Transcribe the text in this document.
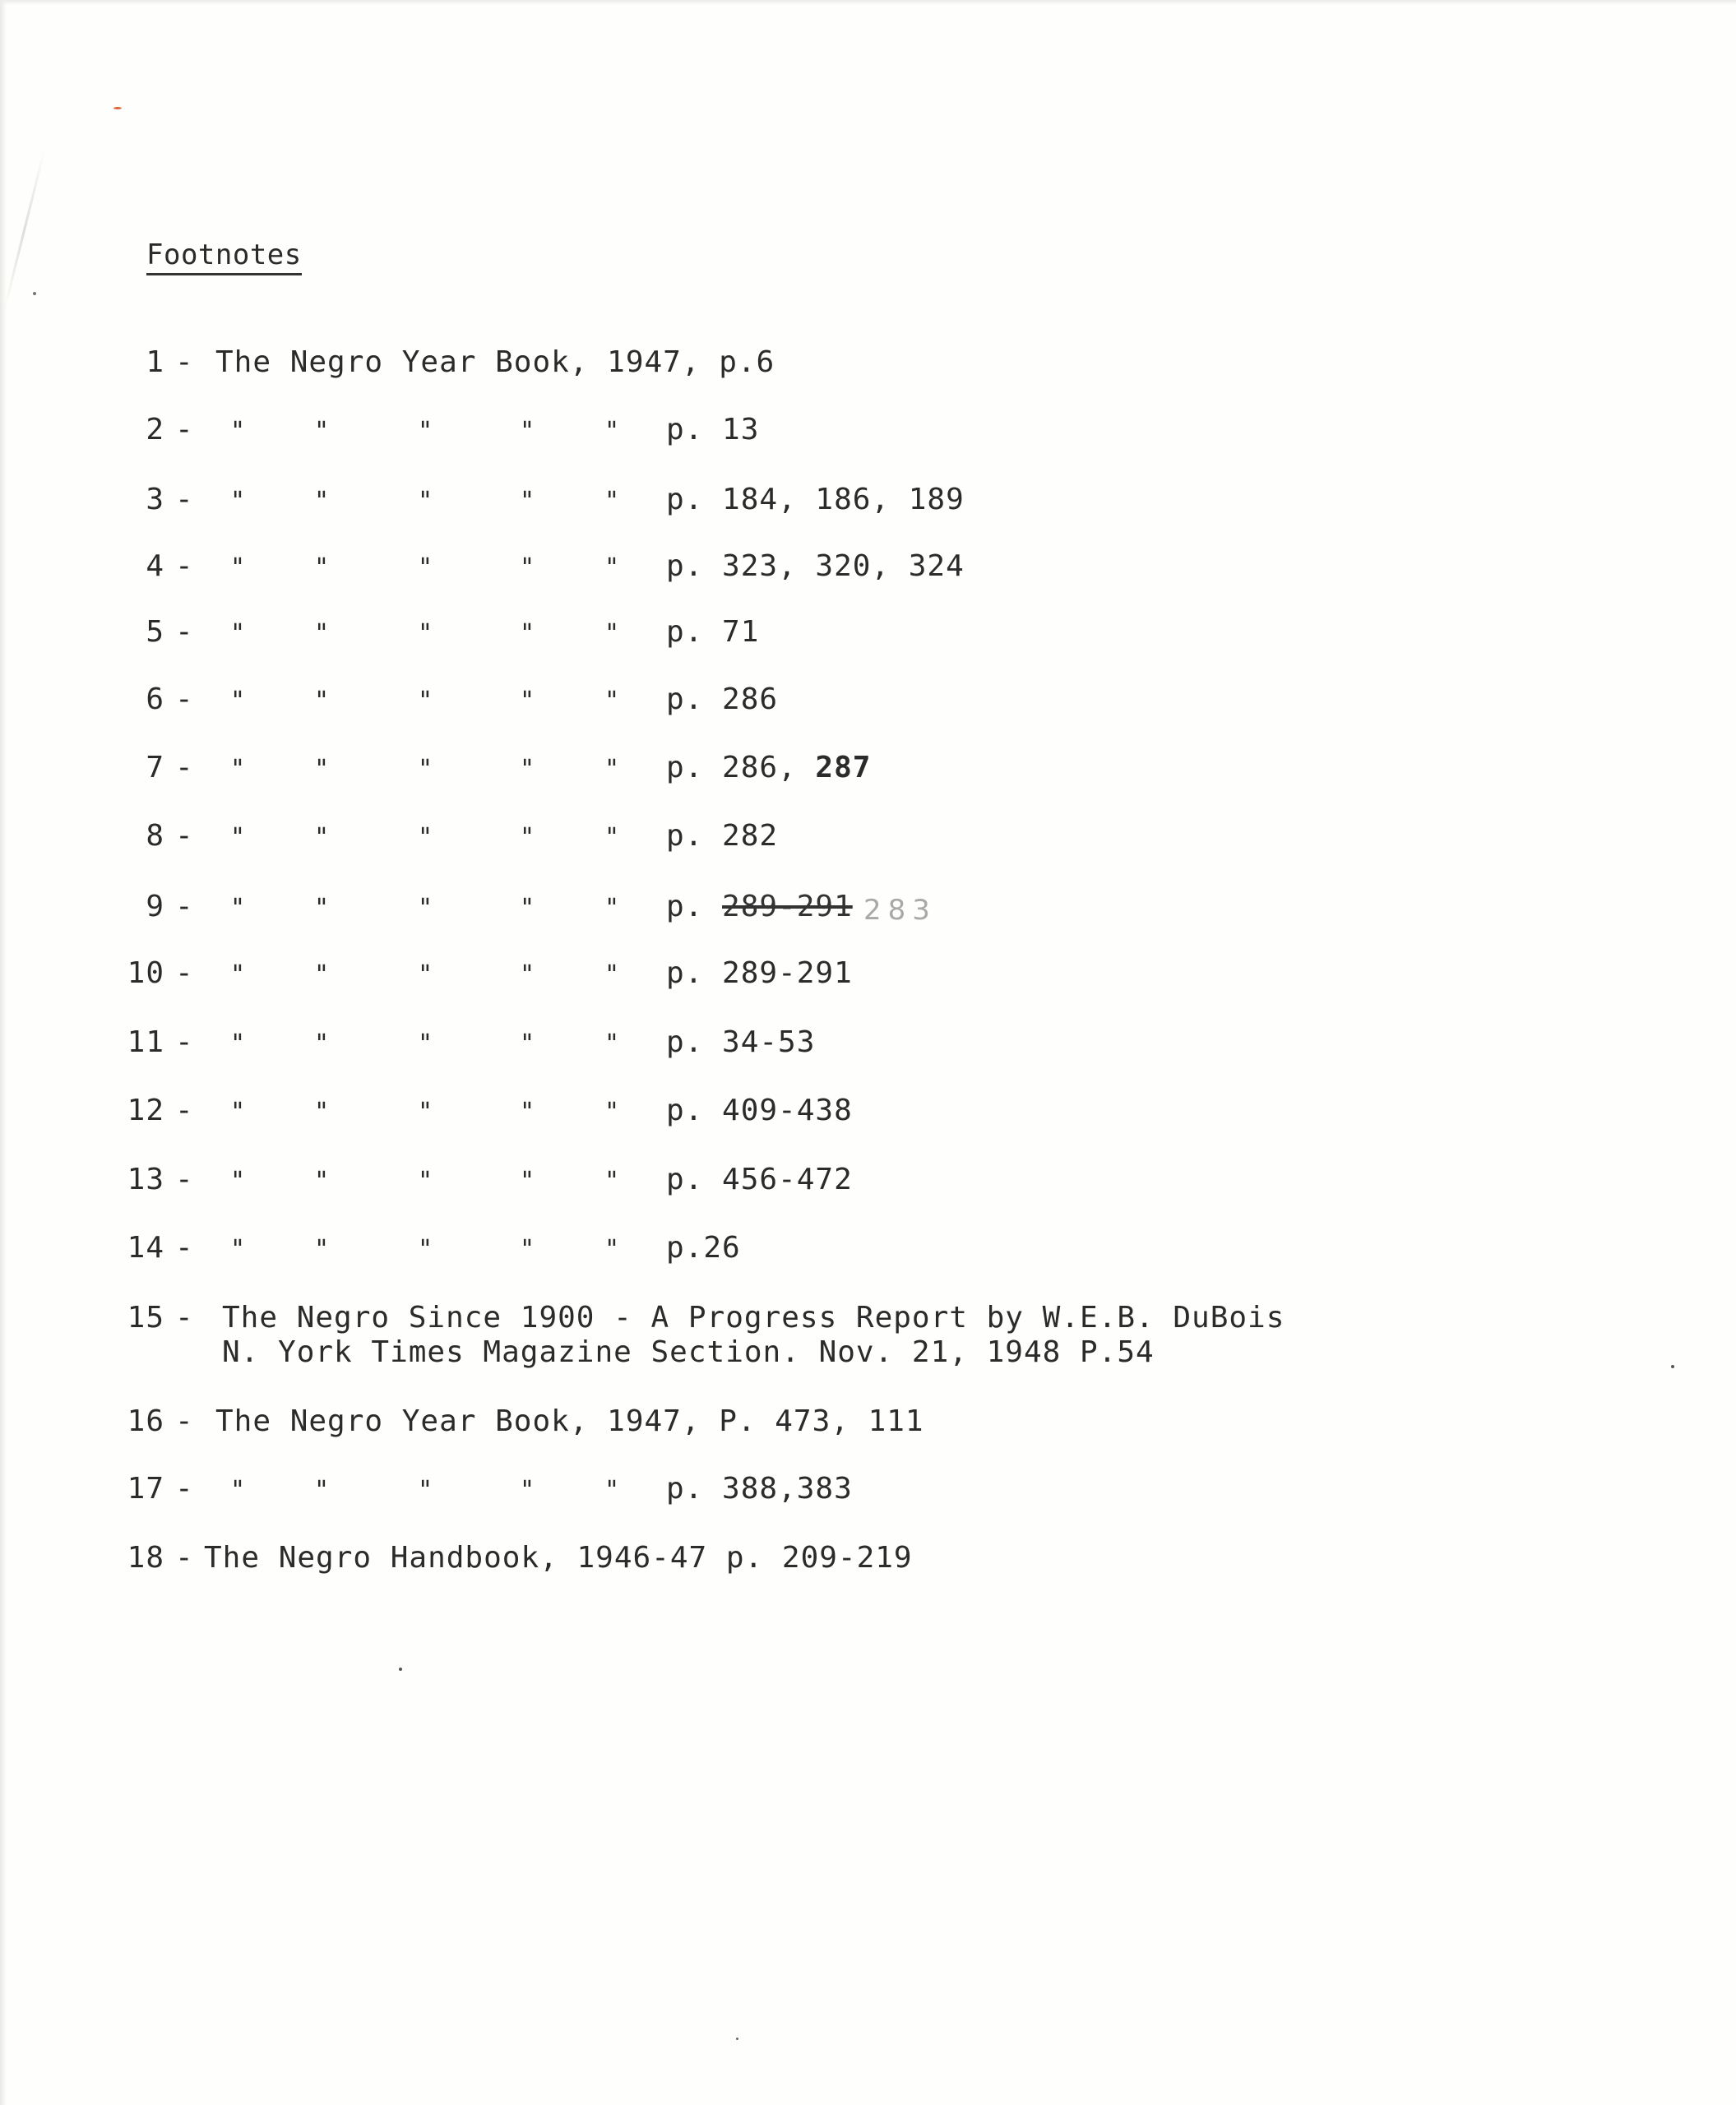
Footnotes
1 - The Negro Year Book, 1947, p.6
2 - "	"	"	"	" p. 13
3 - "	"	"	"	" p. 184, 186, 189
4 - "	"	"	"	" p. 323, 320, 324
5 - "	"	"	"	" p. 71
6 - "	"	"	"	" p. 286
7 - "	"	"	"	" p. 286, 287
8 - "	"	"	"	" p. 282
9 - "	"	"	"	" p. 289-291 283
10 - "	"	"	"	" p. 289-291
11 - "	"	"	"	" p. 34-53
12 - "	"	"	"	" p. 409-438
13 - "	"	"	"	" p. 456-472
14 - "	"	"	"	" p.26
15 - The Negro Since 1900 - A Progress Report by W.E.B. DuBois
N. York Times Magazine Section. Nov. 21, 1948 P.54
16 - The Negro Year Book, 1947, P. 473, 111
17 - "	"	"	"	" p. 388,383
18 - The Negro Handbook, 1946-47 p. 209-219
